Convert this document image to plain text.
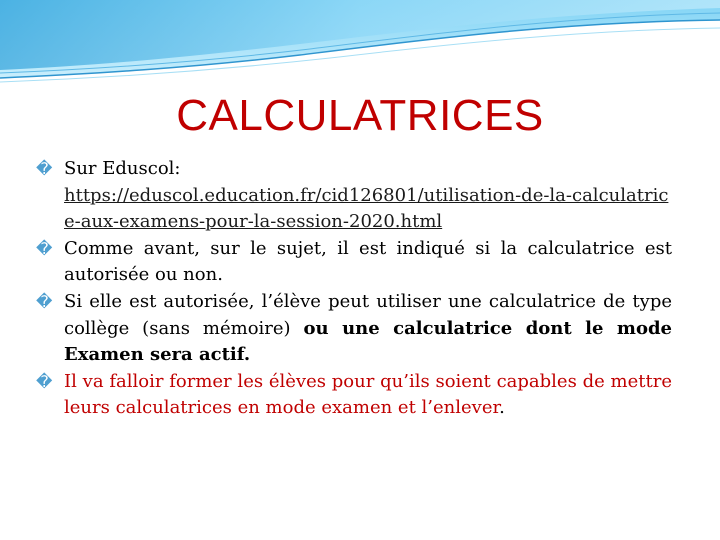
CALCULATRICES

� Sur Eduscol:
https://eduscol.education.fr/cid126801/utilisation-de-la-calculatrice-aux-examens-pour-la-session-2020.html

� Comme avant, sur le sujet, il est indiqué si la calculatrice est autorisée ou non.

� Si elle est autorisée, l’élève peut utiliser une calculatrice de type collège (sans mémoire) ou une calculatrice dont le mode Examen sera actif.

� Il va falloir former les élèves pour qu’ils soient capables de mettre leurs calculatrices en mode examen et l’enlever.
